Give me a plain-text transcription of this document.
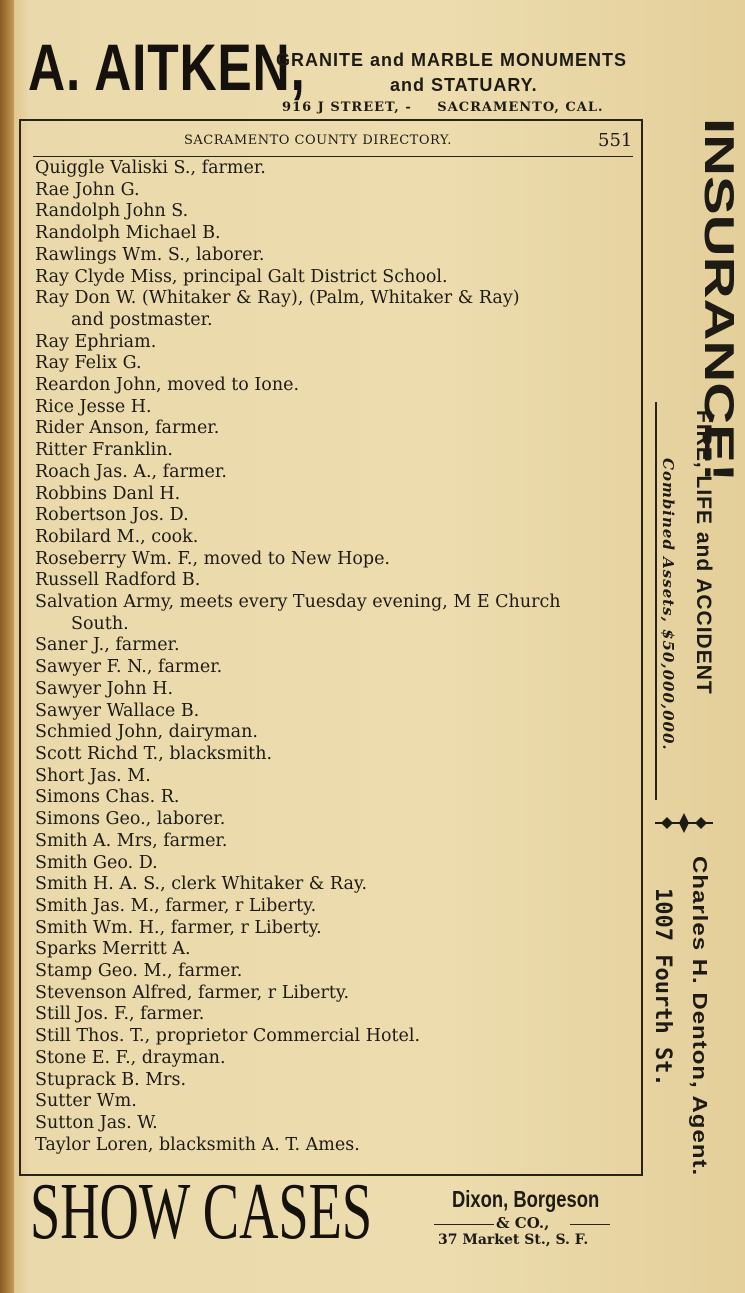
A. AITKEN,
GRANITE and MARBLE MONUMENTS
and STATUARY.
916 J STREET, - SACRAMENTO, CAL.
SACRAMENTO COUNTY DIRECTORY.	551
Quiggle Valiski S., farmer.
Rae John G.
Randolph John S.
Randolph Michael B.
Rawlings Wm. S., laborer.
Ray Clyde Miss, principal Galt District School.
Ray Don W. (Whitaker & Ray), (Palm, Whitaker & Ray)
and postmaster.
Ray Ephriam.
Ray Felix G.
Reardon John, moved to Ione.
Rice Jesse H.
Rider Anson, farmer.
Ritter Franklin.
Roach Jas. A., farmer.
Robbins Danl H.
Robertson Jos. D.
Robilard M., cook.
Roseberry Wm. F., moved to New Hope.
Russell Radford B.
Salvation Army, meets every Tuesday evening, M E Church
South.
Saner J., farmer.
Sawyer F. N., farmer.
Sawyer John H.
Sawyer Wallace B.
Schmied John, dairyman.
Scott Richd T., blacksmith.
Short Jas. M.
Simons Chas. R.
Simons Geo., laborer.
Smith A. Mrs, farmer.
Smith Geo. D.
Smith H. A. S., clerk Whitaker & Ray.
Smith Jas. M., farmer, r Liberty.
Smith Wm. H., farmer, r Liberty.
Sparks Merritt A.
Stamp Geo. M., farmer.
Stevenson Alfred, farmer, r Liberty.
Still Jos. F., farmer.
Still Thos. T., proprietor Commercial Hotel.
Stone E. F., drayman.
Stuprack B. Mrs.
Sutter Wm.
Sutton Jas. W.
Taylor Loren, blacksmith A. T. Ames.
INSURANCE!
FIRE, LIFE and ACCIDENT
Combined Assets, $50,000,000.
Charles H. Denton, Agent.
1007 Fourth St.
SHOW CASES	Dixon, Borgeson
& CO.,
37 Market St., S. F.
